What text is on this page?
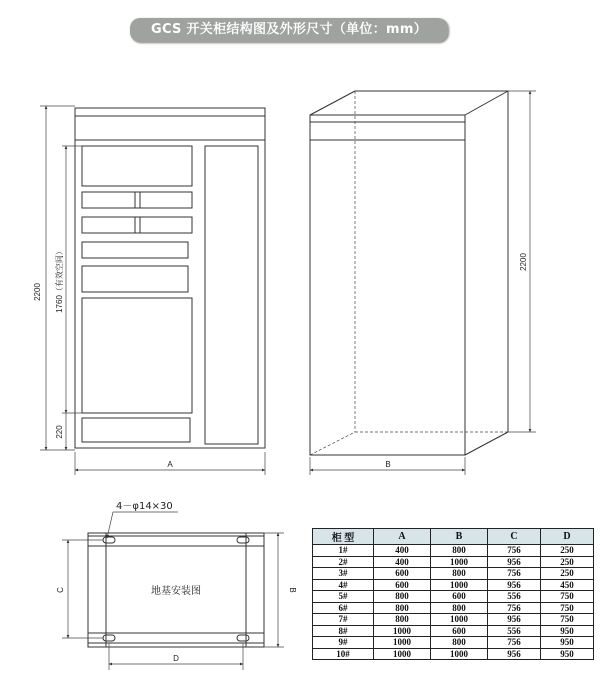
GCS 开关柜结构图及外形尺寸（单位：mm）
2200 1760（有效空间）
220
A
2200
B
4－φ14×30
地基安装图
C	B
D
柜 型	A	B	C	D
1#	400	800	756	250
2#	400	1000	956	250
3#	600	800	756	250
4#	600	1000	956	450
5#	800	600	556	750
6#	800	800	756	750
7#	800	1000	956	750
8#	1000	600	556	950
9#	1000	800	756	950
10#	1000	1000	956	950
